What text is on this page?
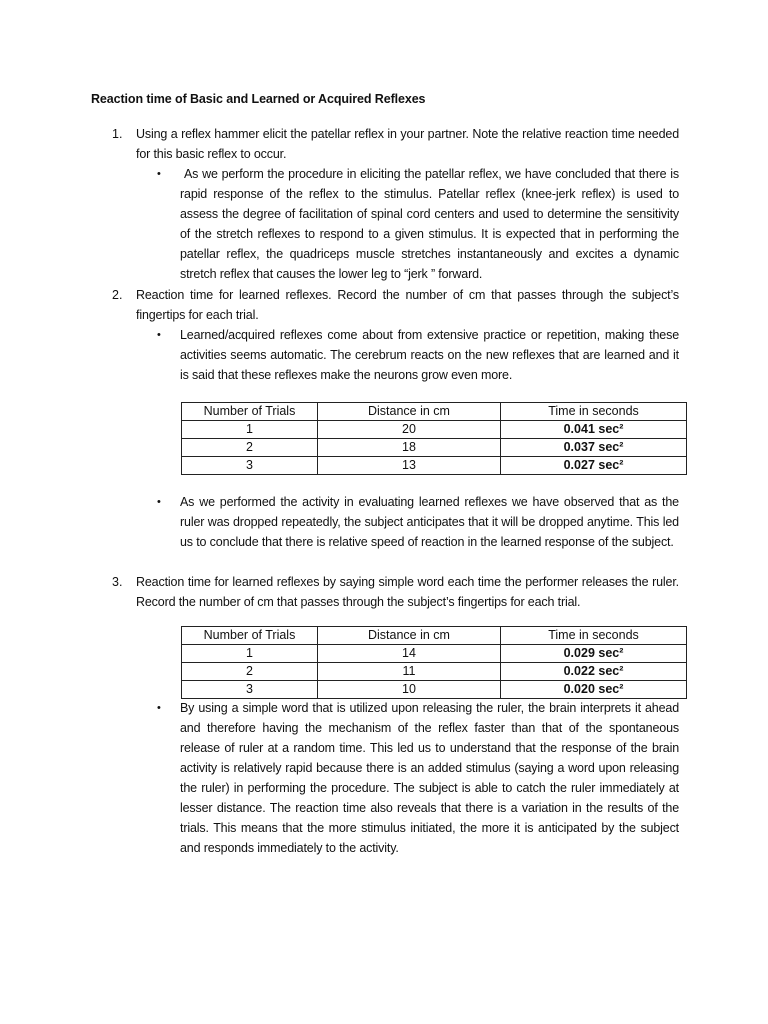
Reaction time of Basic and Learned or Acquired Reflexes
1. Using a reflex hammer elicit the patellar reflex in your partner. Note the relative reaction time needed for this basic reflex to occur.
•	As we perform the procedure in eliciting the patellar reflex, we have concluded that there is rapid response of the reflex to the stimulus. Patellar reflex (knee-jerk reflex) is used to assess the degree of facilitation of spinal cord centers and used to determine the sensitivity of the stretch reflexes to respond to a given stimulus. It is expected that in performing the patellar reflex, the quadriceps muscle stretches instantaneously and excites a dynamic stretch reflex that causes the lower leg to “jerk ” forward.
2. Reaction time for learned reflexes. Record the number of cm that passes through the subject’s fingertips for each trial.
• Learned/acquired reflexes come about from extensive practice or repetition, making these activities seems automatic. The cerebrum reacts on the new reflexes that are learned and it is said that these reflexes make the neurons grow even more.
Number of Trials	Distance in cm	Time in seconds
1	20	0.041 sec²
2	18	0.037 sec²
3	13	0.027 sec²
• As we performed the activity in evaluating learned reflexes we have observed that as the ruler was dropped repeatedly, the subject anticipates that it will be dropped anytime. This led us to conclude that there is relative speed of reaction in the learned response of the subject.
3. Reaction time for learned reflexes by saying simple word each time the performer releases the ruler. Record the number of cm that passes through the subject’s fingertips for each trial.
Number of Trials	Distance in cm	Time in seconds
1	14	0.029 sec²
2	11	0.022 sec²
3	10	0.020 sec²
• By using a simple word that is utilized upon releasing the ruler, the brain interprets it ahead and therefore having the mechanism of the reflex faster than that of the spontaneous release of ruler at a random time. This led us to understand that the response of the brain activity is relatively rapid because there is an added stimulus (saying a word upon releasing the ruler) in performing the procedure. The subject is able to catch the ruler immediately at lesser distance. The reaction time also reveals that there is a variation in the results of the trials. This means that the more stimulus initiated, the more it is anticipated by the subject and responds immediately to the activity.
